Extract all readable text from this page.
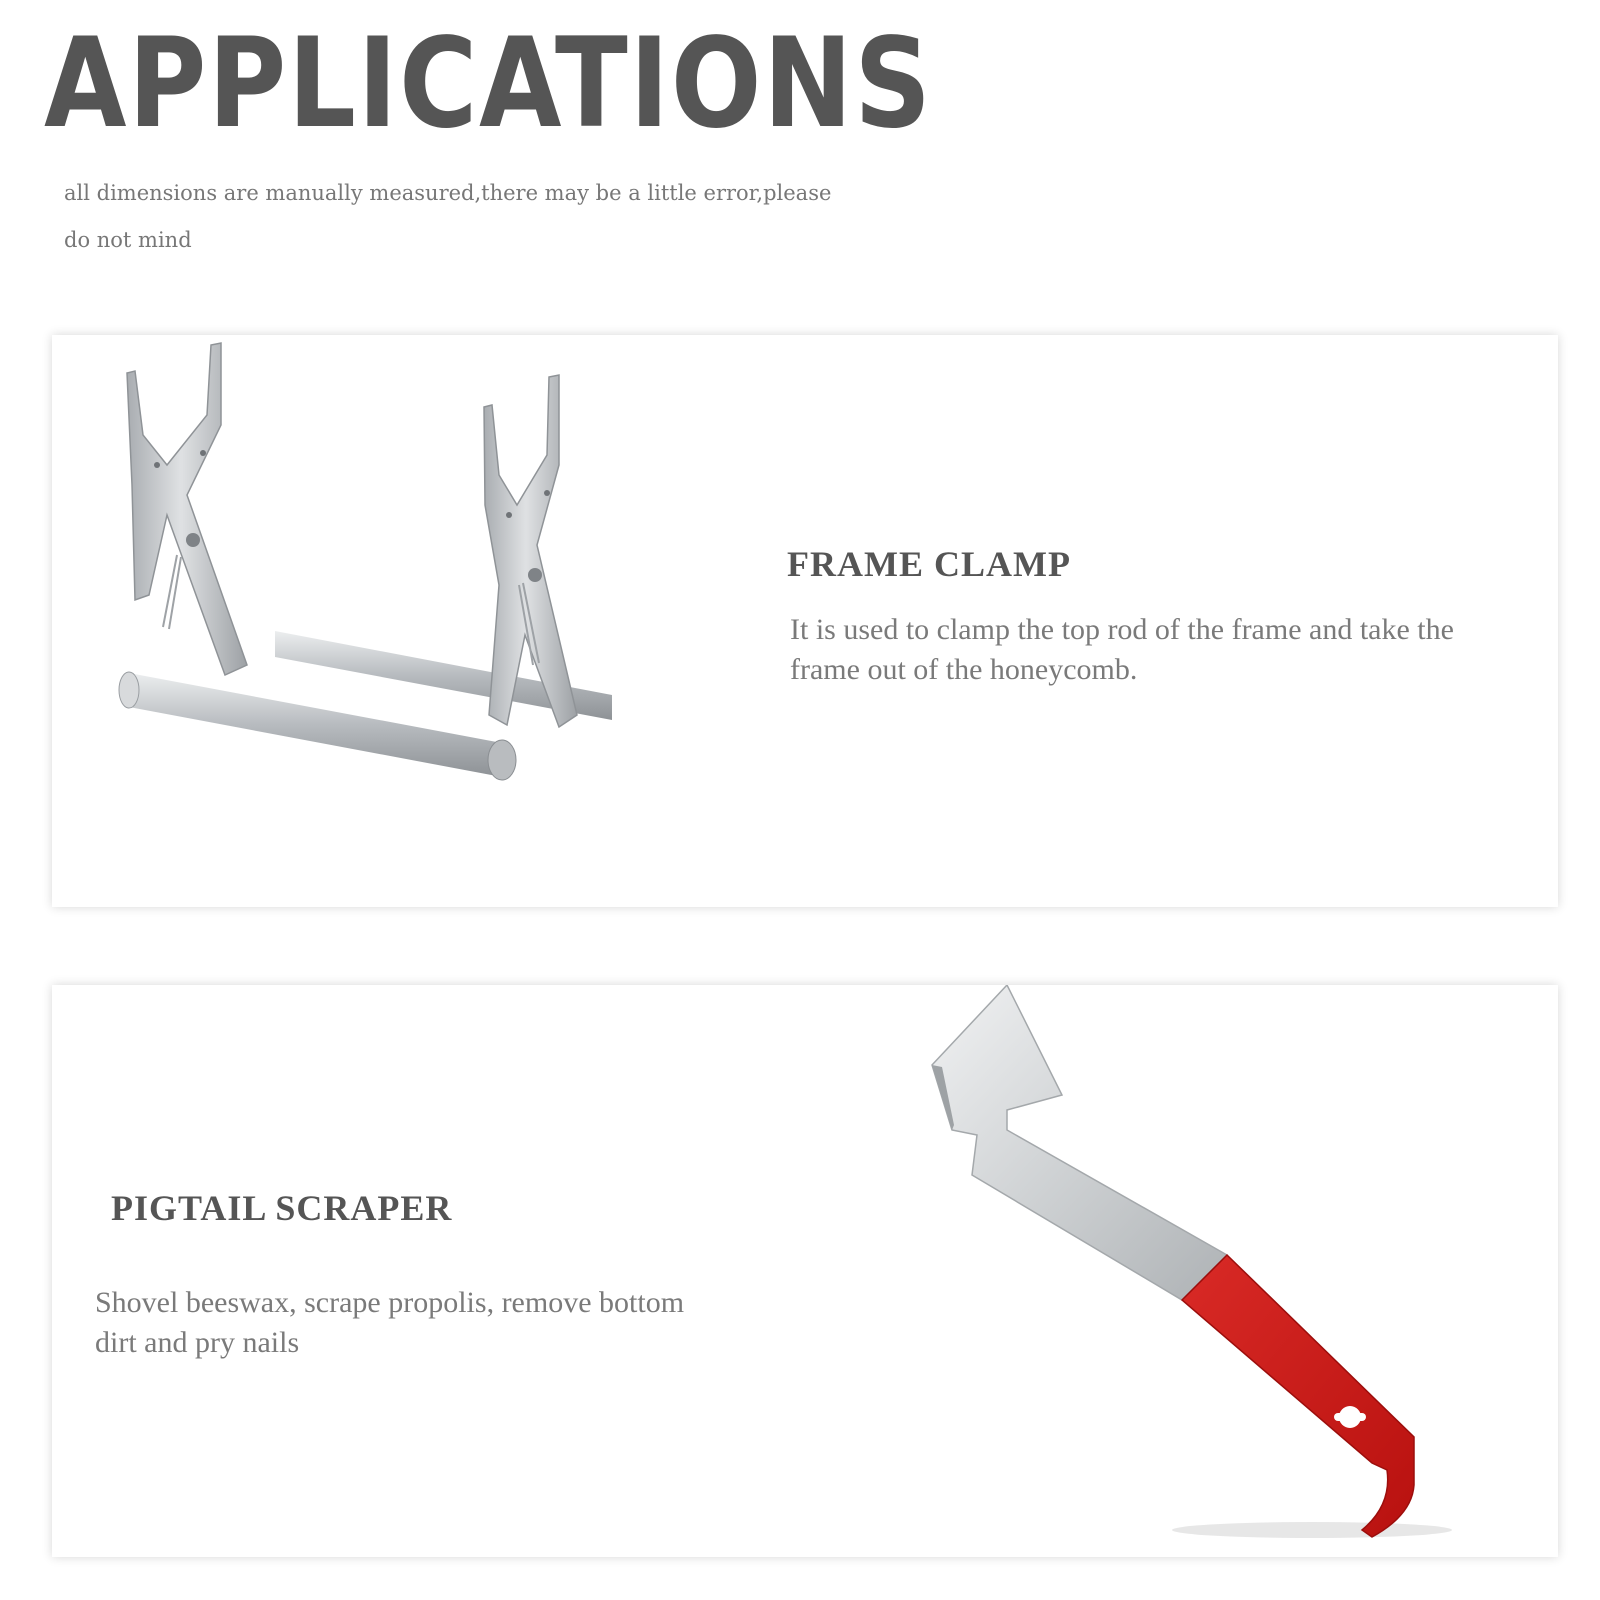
APPLICATIONS

all dimensions are manually measured,there may be a little error,please do not mind

FRAME CLAMP

It is used to clamp the top rod of the frame and take the frame out of the honeycomb.

PIGTAIL SCRAPER

Shovel beeswax, scrape propolis, remove bottom dirt and pry nails
